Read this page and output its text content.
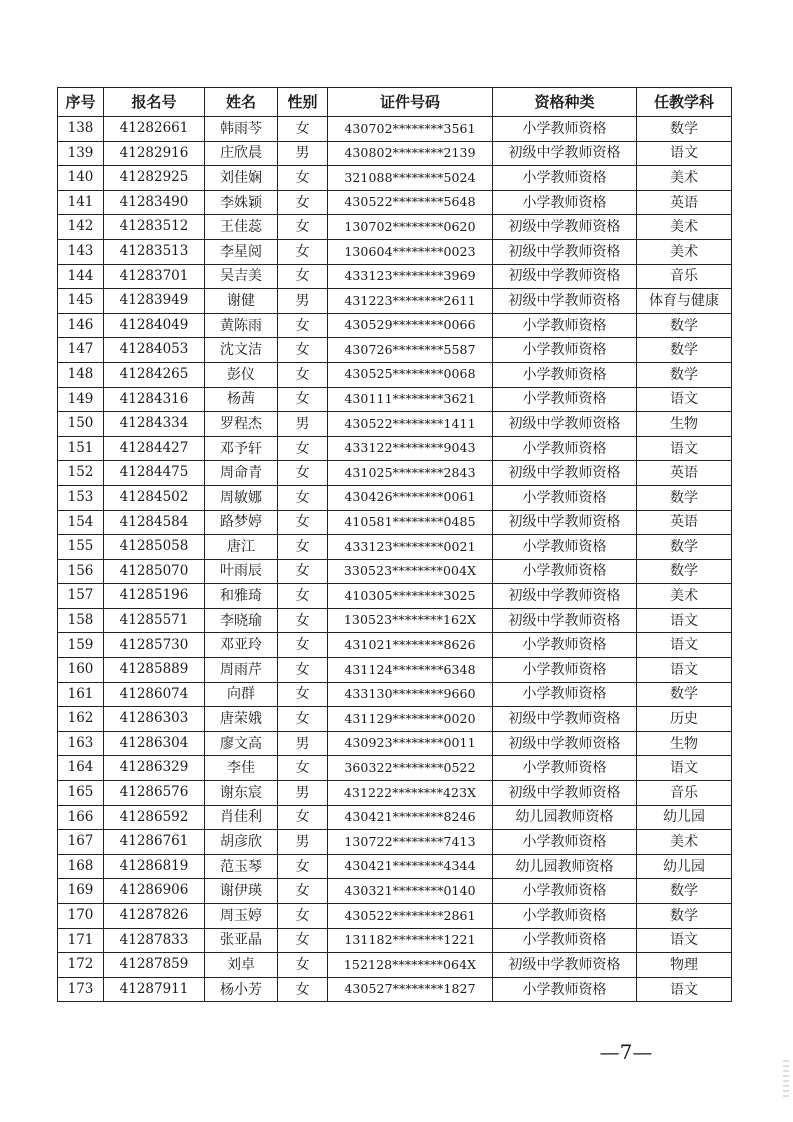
序号	报名号	姓名	性别	证件号码	资格种类	任教学科
138	41282661	韩雨芩	女	430702********3561	小学教师资格	数学
139	41282916	庄欣晨	男	430802********2139	初级中学教师资格	语文
140	41282925	刘佳娴	女	321088********5024	小学教师资格	美术
141	41283490	李姝颖	女	430522********5648	小学教师资格	英语
142	41283512	王佳蕊	女	130702********0620	初级中学教师资格	美术
143	41283513	李星阅	女	130604********0023	初级中学教师资格	美术
144	41283701	吴吉美	女	433123********3969	初级中学教师资格	音乐
145	41283949	谢健	男	431223********2611	初级中学教师资格	体育与健康
146	41284049	黄陈雨	女	430529********0066	小学教师资格	数学
147	41284053	沈文洁	女	430726********5587	小学教师资格	数学
148	41284265	彭仪	女	430525********0068	小学教师资格	数学
149	41284316	杨茜	女	430111********3621	小学教师资格	语文
150	41284334	罗程杰	男	430522********1411	初级中学教师资格	生物
151	41284427	邓予轩	女	433122********9043	小学教师资格	语文
152	41284475	周命青	女	431025********2843	初级中学教师资格	英语
153	41284502	周敏娜	女	430426********0061	小学教师资格	数学
154	41284584	路梦婷	女	410581********0485	初级中学教师资格	英语
155	41285058	唐江	女	433123********0021	小学教师资格	数学
156	41285070	叶雨辰	女	330523********004X	小学教师资格	数学
157	41285196	和雅琦	女	410305********3025	初级中学教师资格	美术
158	41285571	李晓瑜	女	130523********162X	初级中学教师资格	语文
159	41285730	邓亚玲	女	431021********8626	小学教师资格	语文
160	41285889	周雨芹	女	431124********6348	小学教师资格	语文
161	41286074	向群	女	433130********9660	小学教师资格	数学
162	41286303	唐荣娥	女	431129********0020	初级中学教师资格	历史
163	41286304	廖文高	男	430923********0011	初级中学教师资格	生物
164	41286329	李佳	女	360322********0522	小学教师资格	语文
165	41286576	谢东宸	男	431222********423X	初级中学教师资格	音乐
166	41286592	肖佳利	女	430421********8246	幼儿园教师资格	幼儿园
167	41286761	胡彦欣	男	130722********7413	小学教师资格	美术
168	41286819	范玉琴	女	430421********4344	幼儿园教师资格	幼儿园
169	41286906	谢伊瑛	女	430321********0140	小学教师资格	数学
170	41287826	周玉婷	女	430522********2861	小学教师资格	数学
171	41287833	张亚晶	女	131182********1221	小学教师资格	语文
172	41287859	刘卓	女	152128********064X	初级中学教师资格	物理
173	41287911	杨小芳	女	430527********1827	小学教师资格	语文
—7—
